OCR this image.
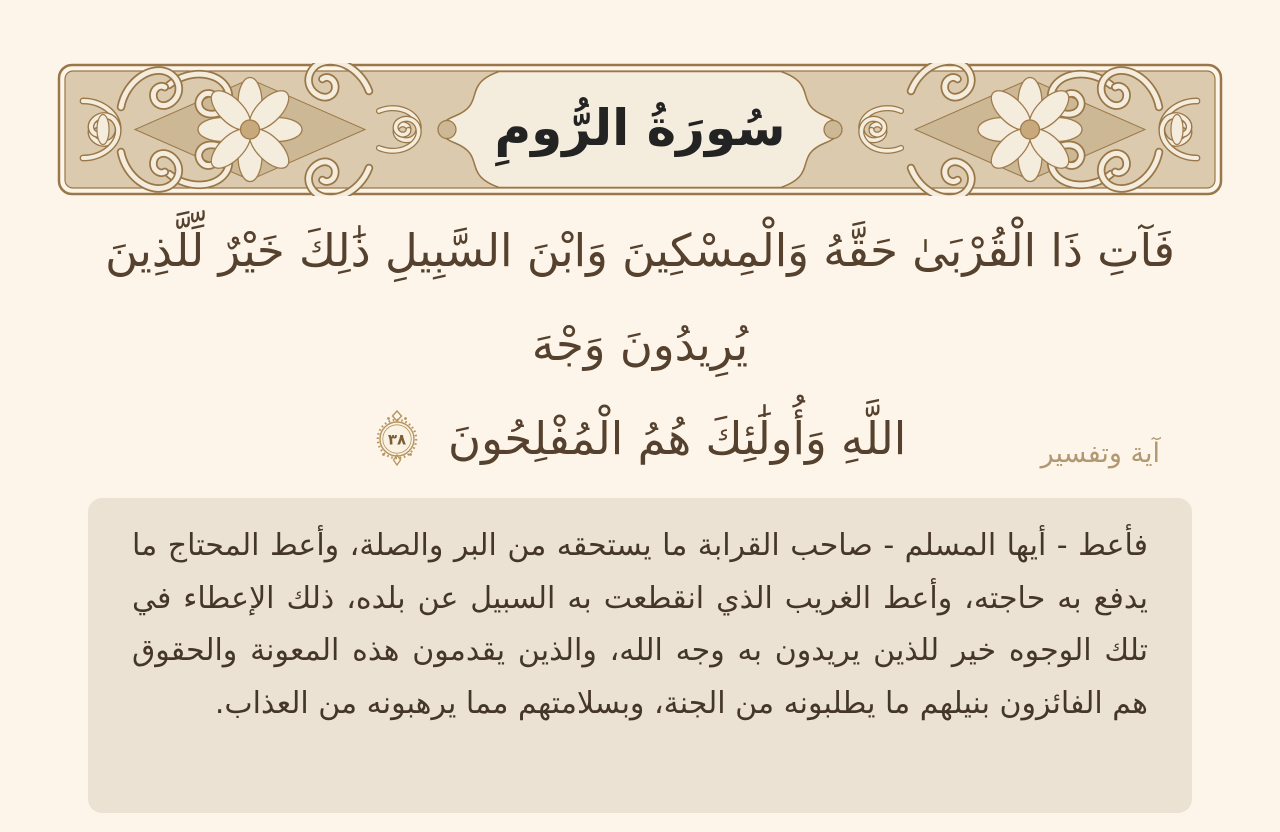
سُورَةُ الرُّومِ
فَآتِ ذَا الْقُرْبَىٰ حَقَّهُ وَالْمِسْكِينَ وَابْنَ السَّبِيلِ ذَٰلِكَ خَيْرٌ لِّلَّذِينَ يُرِيدُونَ وَجْهَ
اللَّهِ وَأُولَٰئِكَ هُمُ الْمُفْلِحُونَ
٣٨	آية وتفسير
فأعط - أيها المسلم - صاحب القرابة ما يستحقه من البر والصلة، وأعط المحتاج ما يدفع به حاجته، وأعط الغريب الذي انقطعت به السبيل عن بلده، ذلك الإعطاء في تلك الوجوه خير للذين يريدون به وجه الله، والذين يقدمون هذه المعونة والحقوق هم الفائزون بنيلهم ما يطلبونه من الجنة، وبسلامتهم مما يرهبونه من العذاب.
